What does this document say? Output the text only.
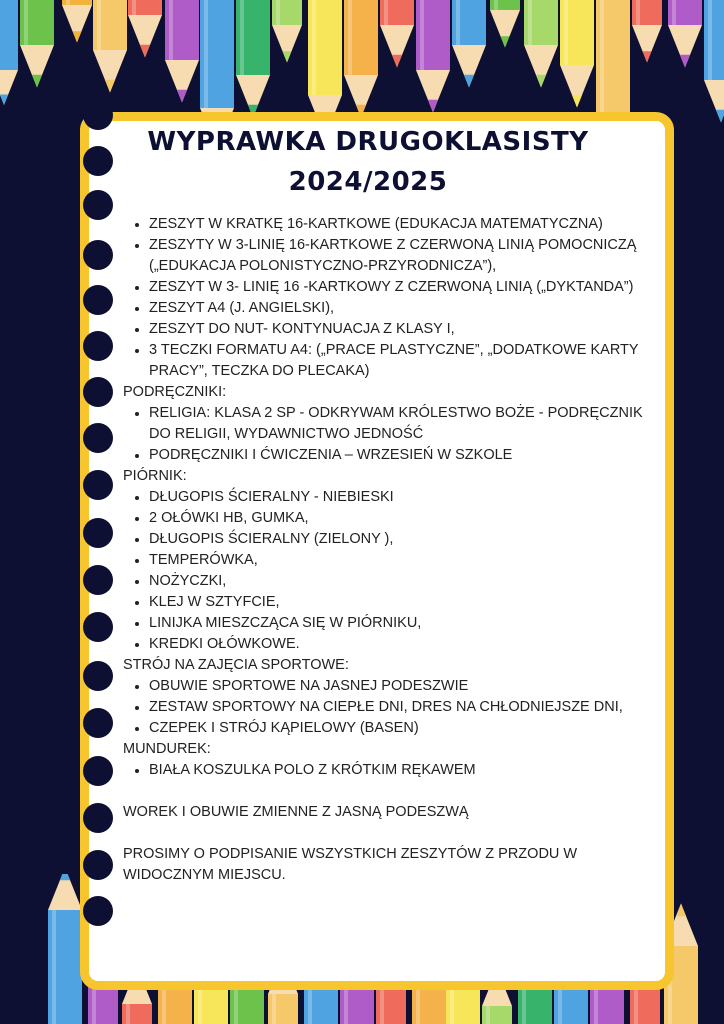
WYPRAWKA DRUGOKLASISTY
2024/2025
• ZESZYT W KRATKĘ 16-KARTKOWE (EDUKACJA MATEMATYCZNA)
• ZESZYTY W 3-LINIĘ 16-KARTKOWE Z CZERWONĄ LINIĄ POMOCNICZĄ („EDUKACJA POLONISTYCZNO-PRZYRODNICZA”),
• ZESZYT W 3- LINIĘ 16 -KARTKOWY Z CZERWONĄ LINIĄ („DYKTANDA”)
• ZESZYT A4 (J. ANGIELSKI),
• ZESZYT DO NUT- KONTYNUACJA Z KLASY I,
• 3 TECZKI FORMATU A4: („PRACE PLASTYCZNE”, „DODATKOWE KARTY PRACY”, TECZKA DO PLECAKA)
PODRĘCZNIKI:
• RELIGIA: KLASA 2 SP - ODKRYWAM KRÓLESTWO BOŻE - PODRĘCZNIK DO RELIGII, WYDAWNICTWO JEDNOŚĆ
• PODRĘCZNIKI I ĆWICZENIA – WRZESIEŃ W SZKOLE
PIÓRNIK:
• DŁUGOPIS ŚCIERALNY - NIEBIESKI
• 2 OŁÓWKI HB, GUMKA,
• DŁUGOPIS ŚCIERALNY (ZIELONY ),
• TEMPERÓWKA,
• NOŻYCZKI,
• KLEJ W SZTYFCIE,
• LINIJKA MIESZCZĄCA SIĘ W PIÓRNIKU,
• KREDKI OŁÓWKOWE.
STRÓJ NA ZAJĘCIA SPORTOWE:
• OBUWIE SPORTOWE NA JASNEJ PODESZWIE
• ZESTAW SPORTOWY NA CIEPŁE DNI, DRES NA CHŁODNIEJSZE DNI,
• CZEPEK I STRÓJ KĄPIELOWY (BASEN)
MUNDUREK:
• BIAŁA KOSZULKA POLO Z KRÓTKIM RĘKAWEM
WOREK I OBUWIE ZMIENNE Z JASNĄ PODESZWĄ
PROSIMY O PODPISANIE WSZYSTKICH ZESZYTÓW Z PRZODU W WIDOCZNYM MIEJSCU.
